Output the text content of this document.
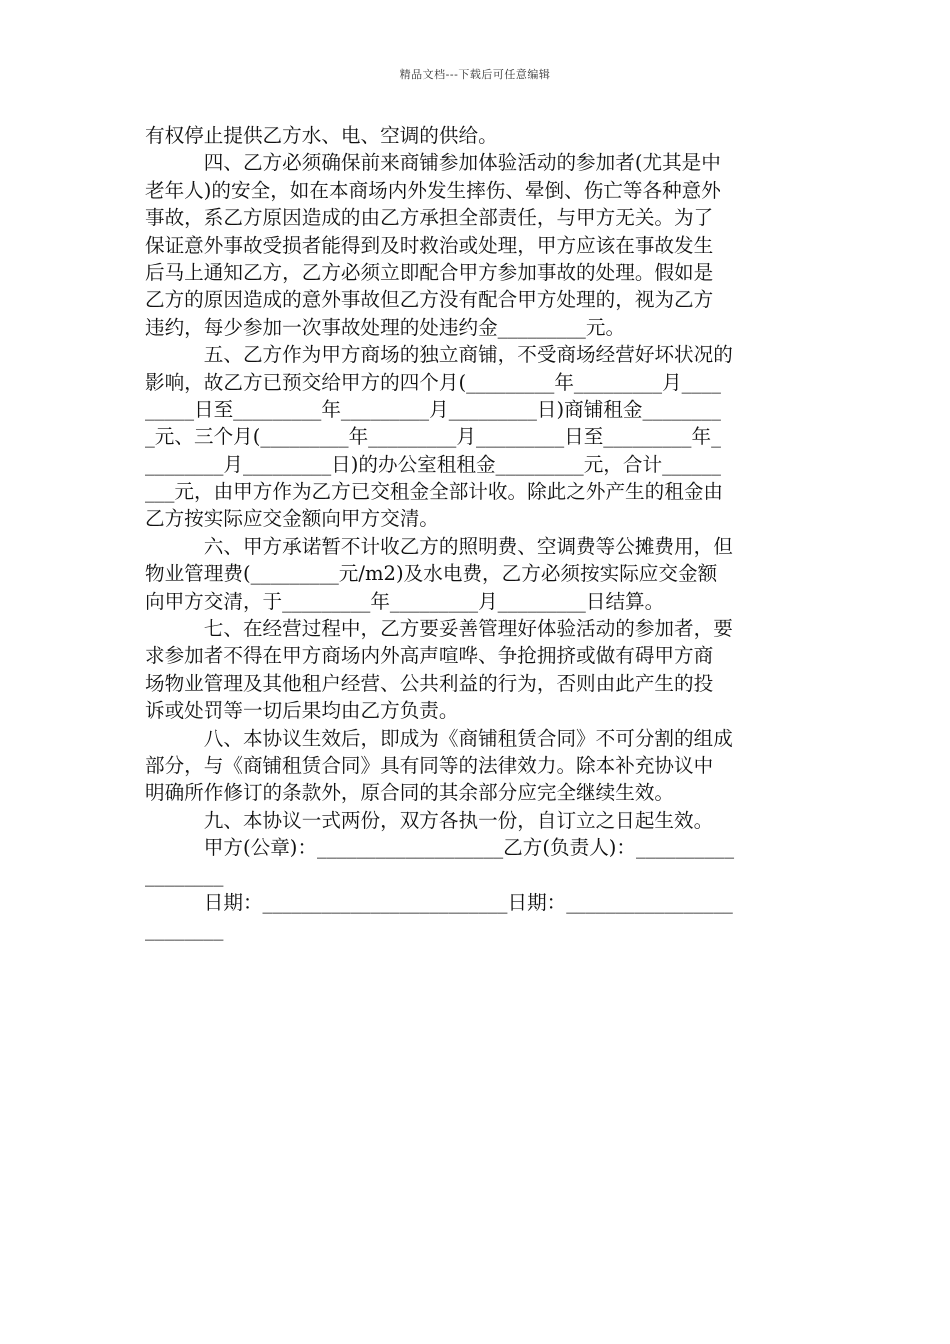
精品文档---下载后可任意编辑
有权停止提供乙方水、电、空调的供给。
　　　四、乙方必须确保前来商铺参加体验活动的参加者(尤其是中
老年人)的安全，如在本商场内外发生摔伤、晕倒、伤亡等各种意外
事故，系乙方原因造成的由乙方承担全部责任，与甲方无关。为了
保证意外事故受损者能得到及时救治或处理，甲方应该在事故发生
后马上通知乙方，乙方必须立即配合甲方参加事故的处理。假如是
乙方的原因造成的意外事故但乙方没有配合甲方处理的，视为乙方
违约，每少参加一次事故处理的处违约金_________元。
　　　五、乙方作为甲方商场的独立商铺，不受商场经营好坏状况的
影响，故乙方已预交给甲方的四个月(_________年_________月____
_____日至_________年_________月_________日)商铺租金________
_元、三个月(_________年_________月_________日至_________年_
________月_________日)的办公室租租金_________元，合计______
___元，由甲方作为乙方已交租金全部计收。除此之外产生的租金由
乙方按实际应交金额向甲方交清。
　　　六、甲方承诺暂不计收乙方的照明费、空调费等公摊费用，但
物业管理费(_________元/m2)及水电费，乙方必须按实际应交金额
向甲方交清，于_________年_________月_________日结算。
　　　七、在经营过程中，乙方要妥善管理好体验活动的参加者，要
求参加者不得在甲方商场内外高声喧哗、争抢拥挤或做有碍甲方商
场物业管理及其他租户经营、公共利益的行为，否则由此产生的投
诉或处罚等一切后果均由乙方负责。
　　　八、本协议生效后，即成为《商铺租赁合同》不可分割的组成
部分，与《商铺租赁合同》具有同等的法律效力。除本补充协议中
明确所作修订的条款外，原合同的其余部分应完全继续生效。
　　　九、本协议一式两份，双方各执一份，自订立之日起生效。
　　　甲方(公章)：___________________乙方(负责人)：__________
________
　　　日期：_________________________日期：_________________
________
